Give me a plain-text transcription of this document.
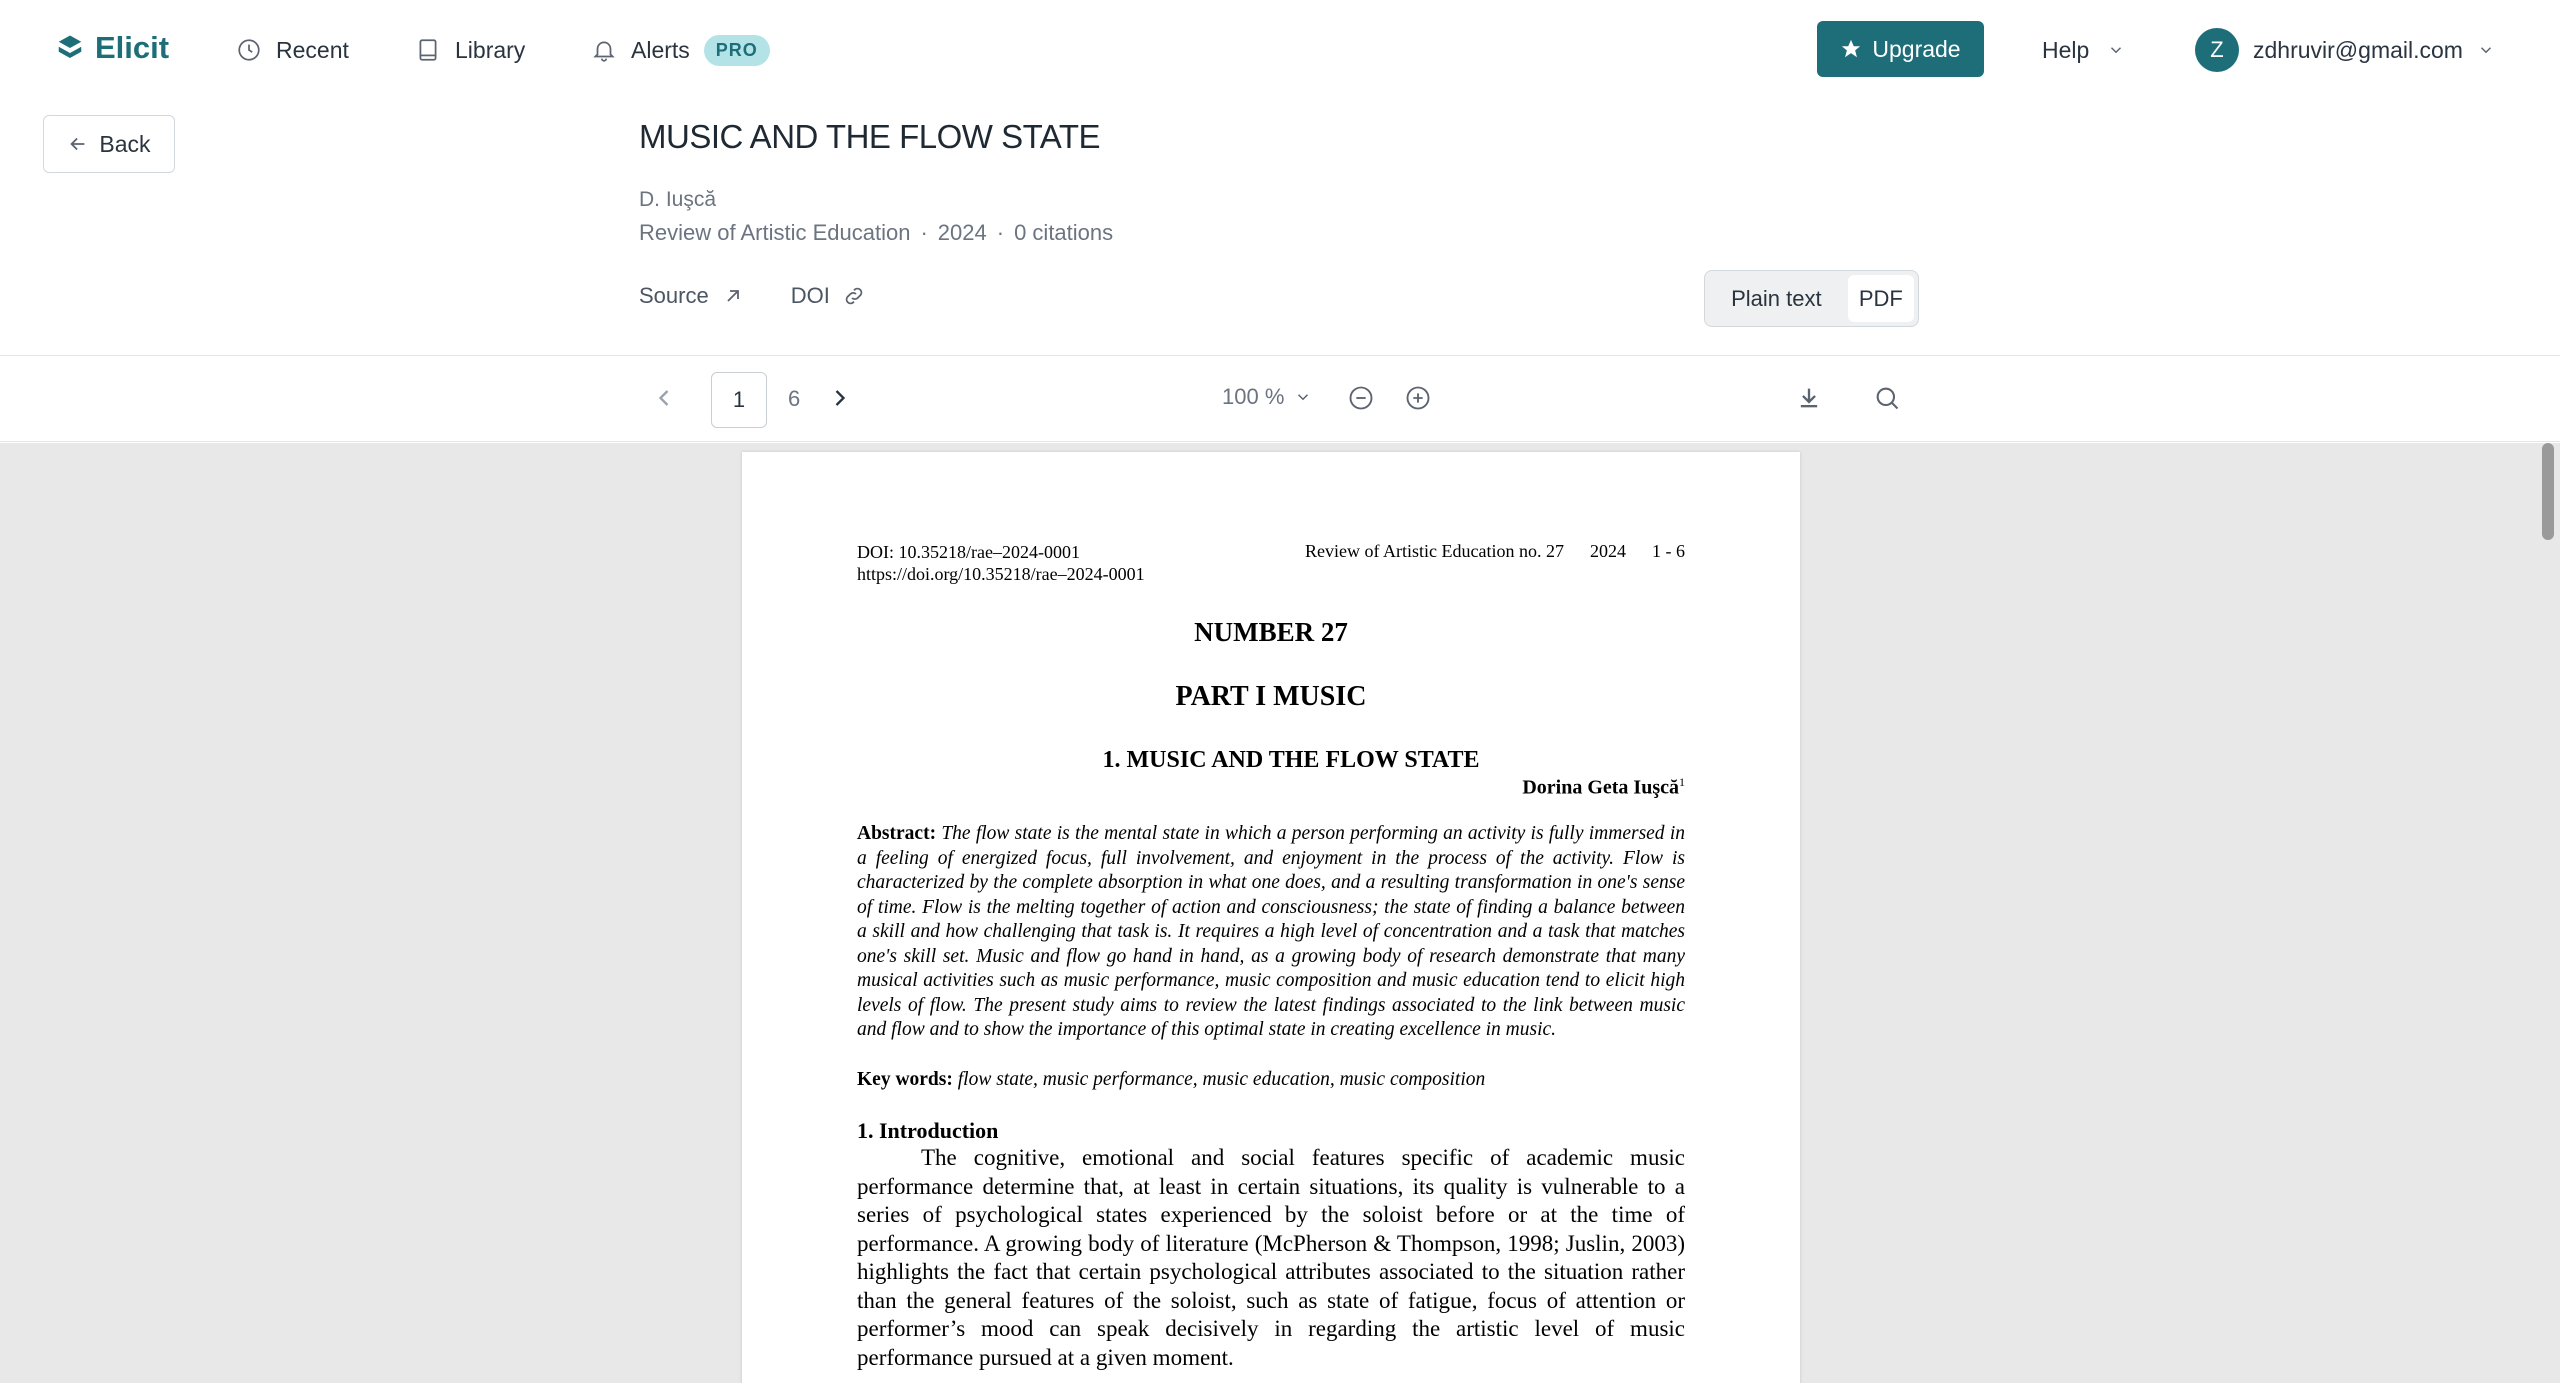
Elicit	Recent	Library	Alerts	PRO	Upgrade	Help	Z	zdhruvir@gmail.com
Back	MUSIC AND THE FLOW STATE
D. Iuşcă
Review of Artistic Education · 2024 · 0 citations
Source	DOI	Plain text	PDF
1
6	100 %
DOI: 10.35218/rae–2024-0001
https://doi.org/10.35218/rae–2024-0001
Review of Artistic Education no. 27 2024 1 - 6
NUMBER 27
PART I MUSIC
1. MUSIC AND THE FLOW STATE
Dorina Geta Iuşcă$^1$
Abstract: The flow state is the mental state in which a person performing an activity is fully immersed in a feeling of energized focus, full involvement, and enjoyment in the process of the activity. Flow is characterized by the complete absorption in what one does, and a resulting transformation in one's sense of time. Flow is the melting together of action and consciousness; the state of finding a balance between a skill and how challenging that task is. It requires a high level of concentration and a task that matches one's skill set. Music and flow go hand in hand, as a growing body of research demonstrate that many musical activities such as music performance, music composition and music education tend to elicit high levels of flow. The present study aims to review the latest findings associated to the link between music and flow and to show the importance of this optimal state in creating excellence in music.
Key words: flow state, music performance, music education, music composition
1. Introduction
The cognitive, emotional and social features specific of academic music performance determine that, at least in certain situations, its quality is vulnerable to a series of psychological states experienced by the soloist before or at the time of performance. A growing body of literature (McPherson & Thompson, 1998; Juslin, 2003) highlights the fact that certain psychological attributes associated to the situation rather than the general features of the soloist, such as state of fatigue, focus of attention or performer’s mood can speak decisively in regarding the artistic level of music performance pursued at a given moment.
